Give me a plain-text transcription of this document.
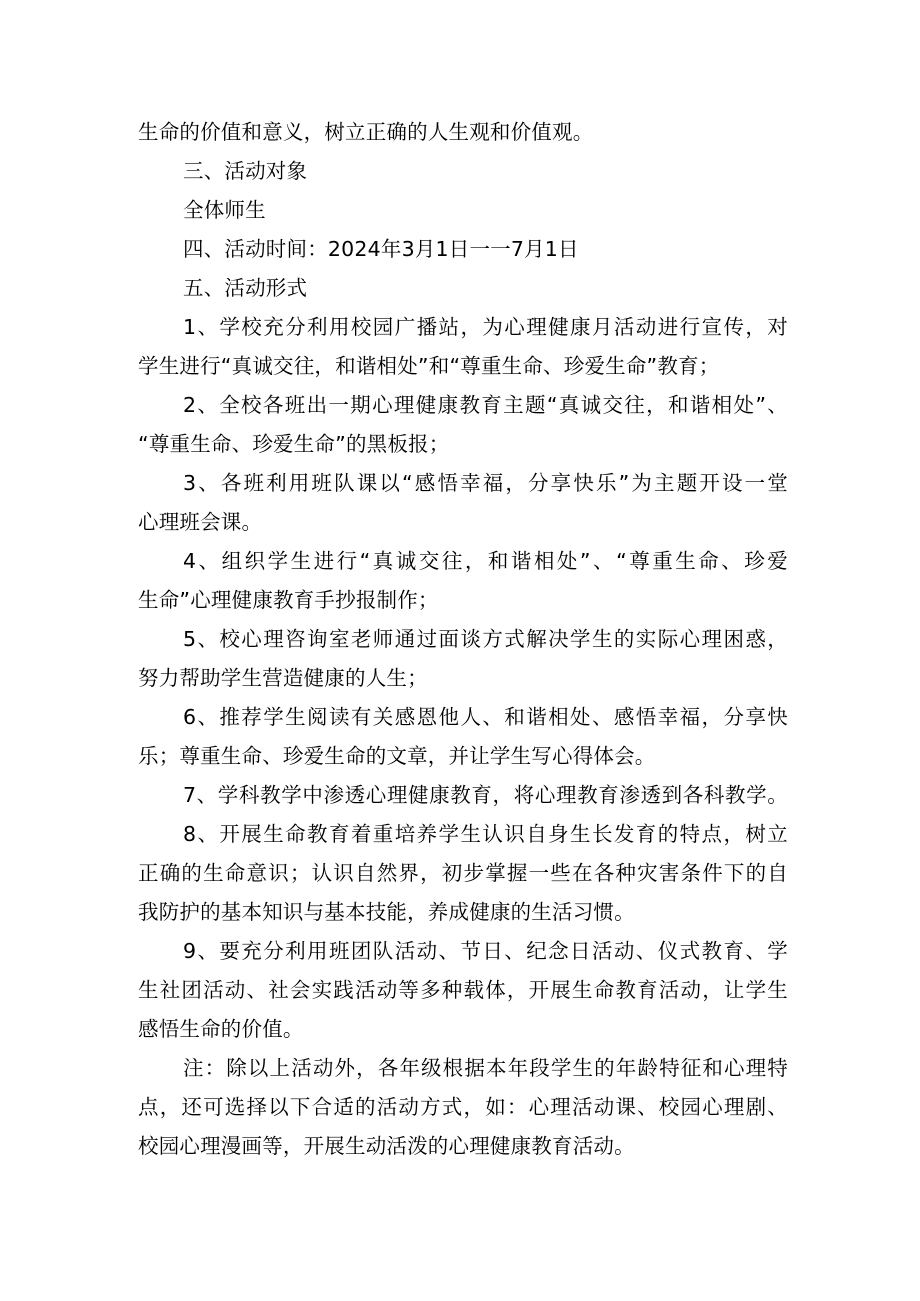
生命的价值和意义，树立正确的人生观和价值观。
三、活动对象
全体师生
四、活动时间：2024年3月1日一一7月1日
五、活动形式
1、学校充分利用校园广播站，为心理健康月活动进行宣传，对
学生进行“真诚交往，和谐相处”和“尊重生命、珍爱生命”教育；
2、全校各班出一期心理健康教育主题“真诚交往，和谐相处”、
“尊重生命、珍爱生命”的黑板报；
3、各班利用班队课以“感悟幸福，分享快乐”为主题开设一堂
心理班会课。
4、组织学生进行“真诚交往，和谐相处”、“尊重生命、珍爱
生命”心理健康教育手抄报制作；
5、校心理咨询室老师通过面谈方式解决学生的实际心理困惑，
努力帮助学生营造健康的人生；
6、推荐学生阅读有关感恩他人、和谐相处、感悟幸福，分享快
乐；尊重生命、珍爱生命的文章，并让学生写心得体会。
7、学科教学中渗透心理健康教育，将心理教育渗透到各科教学。
8、开展生命教育着重培养学生认识自身生长发育的特点，树立
正确的生命意识；认识自然界，初步掌握一些在各种灾害条件下的自
我防护的基本知识与基本技能，养成健康的生活习惯。
9、要充分利用班团队活动、节日、纪念日活动、仪式教育、学
生社团活动、社会实践活动等多种载体，开展生命教育活动，让学生
感悟生命的价值。
注：除以上活动外，各年级根据本年段学生的年龄特征和心理特
点，还可选择以下合适的活动方式，如：心理活动课、校园心理剧、
校园心理漫画等，开展生动活泼的心理健康教育活动。
